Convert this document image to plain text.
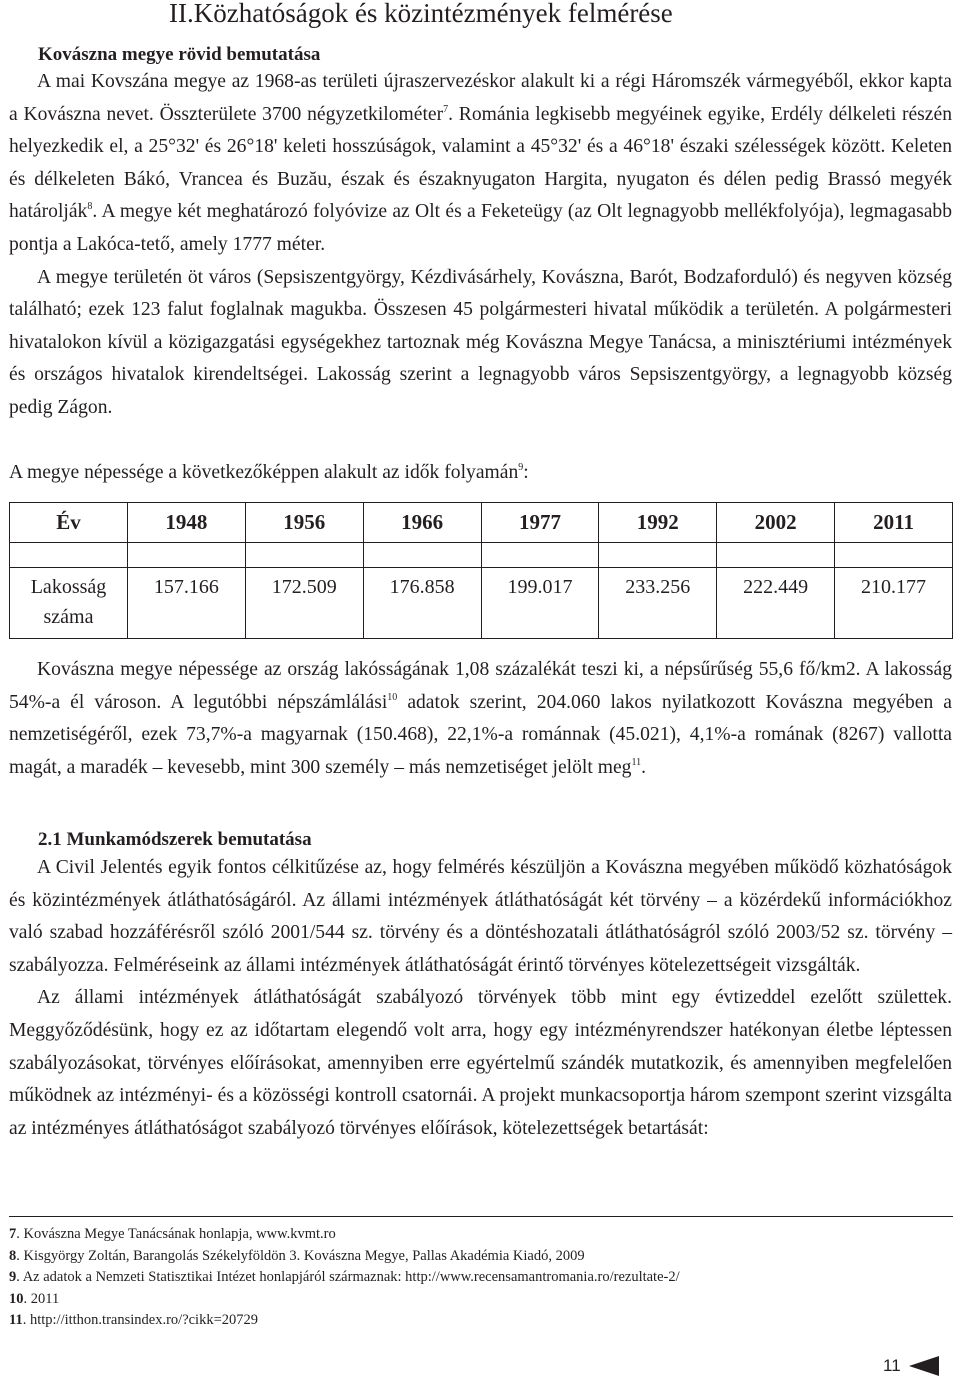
II.Közhatóságok és közintézmények felmérése
Kovászna megye rövid bemutatása

A mai Kovszána megye az 1968-as területi újraszervezéskor alakult ki a régi Háromszék vármegyéből, ekkor kapta a Kovászna nevet. Összterülete 3700 négyzetkilométer$^7$. Románia legkisebb megyéinek egyike, Erdély délkeleti részén helyezkedik el, a 25°32' és 26°18' keleti hosszúságok, valamint a 45°32' és a 46°18' északi szélességek között. Keleten és délkeleten Bákó, Vrancea és Buzău, észak és északnyugaton Hargita, nyugaton és délen pedig Brassó megyék határolják$^8$. A megye két meghatározó folyóvize az Olt és a Feketeügy (az Olt legnagyobb mellékfolyója), legmagasabb pontja a Lakóca-tető, amely 1777 méter.

A megye területén öt város (Sepsiszentgyörgy, Kézdivásárhely, Kovászna, Barót, Bodzaforduló) és negyven község található; ezek 123 falut foglalnak magukba. Összesen 45 polgármesteri hivatal működik a területén. A polgármesteri hivatalokon kívül a közigazgatási egységekhez tartoznak még Kovászna Megye Tanácsa, a minisztériumi intézmények és országos hivatalok kirendeltségei. Lakosság szerint a legnagyobb város Sepsiszentgyörgy, a legnagyobb község pedig Zágon.

A megye népessége a következőképpen alakult az idők folyamán$^9$:
Év	1948	1956	1966	1977	1992	2002	2011

Lakosság
száma	157.166	172.509	176.858	199.017	233.256	222.449	210.177

Kovászna megye népessége az ország lakósságának 1,08 százalékát teszi ki, a népsűrűség 55,6 fő/km2. A lakosság 54%-a él városon. A legutóbbi népszámlálási$^{10}$ adatok szerint, 204.060 lakos nyilatkozott Kovászna megyében a nemzetiségéről, ezek 73,7%-a magyarnak (150.468), 22,1%-a románnak (45.021), 4,1%-a romának (8267) vallotta magát, a maradék – kevesebb, mint 300 személy – más nemzetiséget jelölt meg$^{11}$.

2.1 Munkamódszerek bemutatása

A Civil Jelentés egyik fontos célkitűzése az, hogy felmérés készüljön a Kovászna megyében működő közhatóságok és közintézmények átláthatóságáról. Az állami intézmények átláthatóságát két törvény – a közérdekű információkhoz való szabad hozzáférésről szóló 2001/544 sz. törvény és a döntéshozatali átláthatóságról szóló 2003/52 sz. törvény – szabályozza. Felméréseink az állami intézmények átláthatóságát érintő törvényes kötelezettségeit vizsgálták.

Az állami intézmények átláthatóságát szabályozó törvények több mint egy évtizeddel ezelőtt születtek. Meggyőződésünk, hogy ez az időtartam elegendő volt arra, hogy egy intézményrendszer hatékonyan életbe léptessen szabályozásokat, törvényes előírásokat, amennyiben erre egyértelmű szándék mutatkozik, és amennyiben megfelelően működnek az intézményi- és a közösségi kontroll csatornái. A projekt munkacsoportja három szempont szerint vizsgálta az intézményes átláthatóságot szabályozó törvényes előírások, kötelezettségek betartását:

7. Kovászna Megye Tanácsának honlapja, www.kvmt.ro
8. Kisgyörgy Zoltán, Barangolás Székelyföldön 3. Kovászna Megye, Pallas Akadémia Kiadó, 2009
9. Az adatok a Nemzeti Statisztikai Intézet honlapjáról származnak: http://www.recensamantromania.ro/rezultate-2/
10. 2011
11. http://itthon.transindex.ro/?cikk=20729
11
